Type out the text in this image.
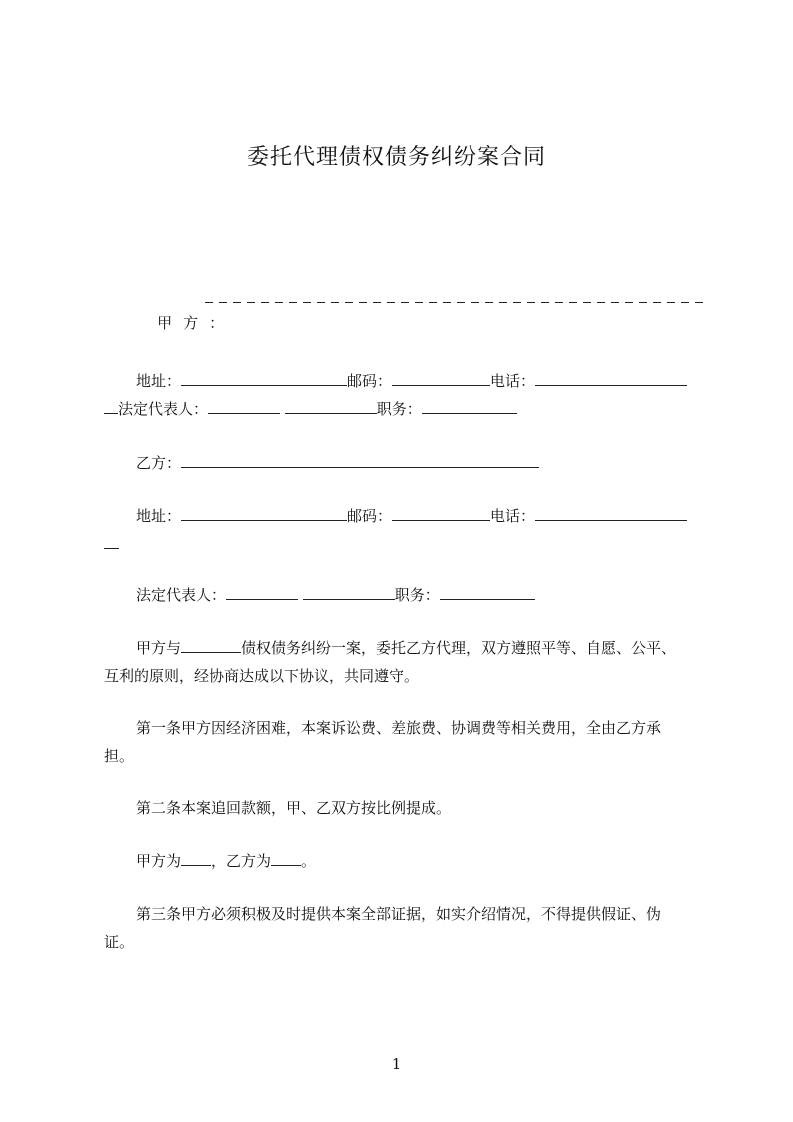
委托代理债权债务纠纷案合同

甲  方  ：

地址：	邮码：	电话：
法定代表人：	职务：
乙方：
地址：	邮码：	电话：
法定代表人：	职务：
甲方与	债权债务纠纷一案，委托乙方代理，双方遵照平等、自愿、公平、
互利的原则，经协商达成以下协议，共同遵守。
第一条甲方因经济困难，本案诉讼费、差旅费、协调费等相关费用，全由乙方承
担。
第二条本案追回款额，甲、乙双方按比例提成。
甲方为 ，乙方为 。
第三条甲方必须积极及时提供本案全部证据，如实介绍情况，不得提供假证、伪
证。
1
